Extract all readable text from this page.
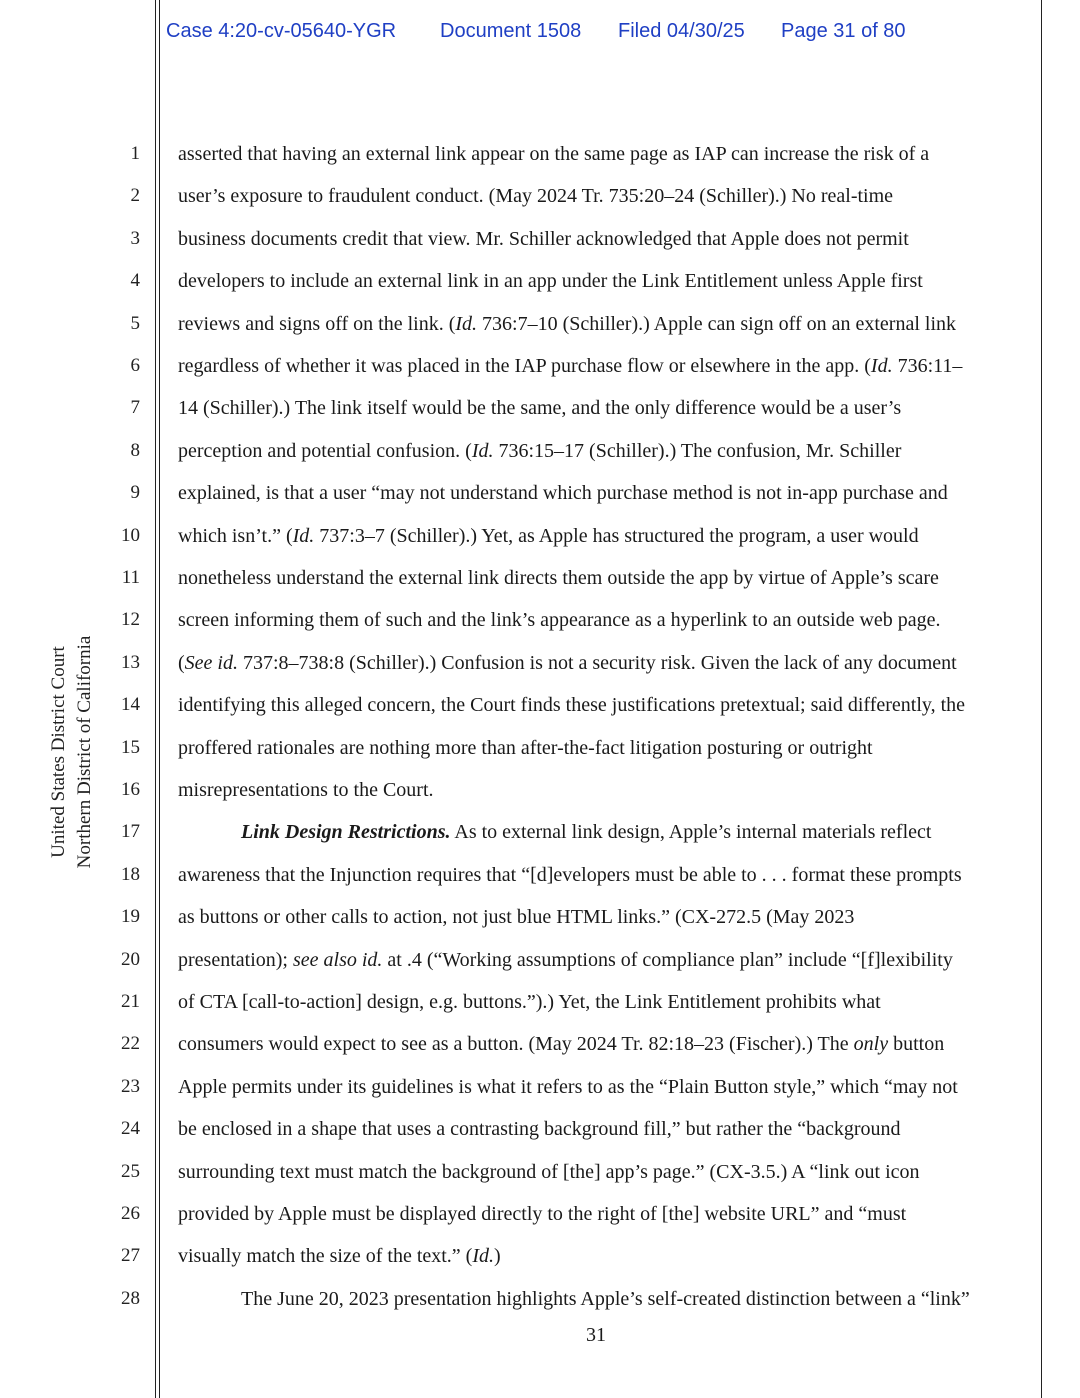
Case 4:20-cv-05640-YGR Document 1508 Filed 04/30/25 Page 31 of 80
United States District Court Northern District of California
1
2
3
4
5
6
7
8
9
10
11
12
13
14
15
16
17
18
19
20
21
22
23
24
25
26
27
28
asserted that having an external link appear on the same page as IAP can increase the risk of a
user’s exposure to fraudulent conduct. (May 2024 Tr. 735:20–24 (Schiller).) No real-time
business documents credit that view. Mr. Schiller acknowledged that Apple does not permit
developers to include an external link in an app under the Link Entitlement unless Apple first
reviews and signs off on the link. (Id. 736:7–10 (Schiller).) Apple can sign off on an external link
regardless of whether it was placed in the IAP purchase flow or elsewhere in the app. (Id. 736:11–
14 (Schiller).) The link itself would be the same, and the only difference would be a user’s
perception and potential confusion. (Id. 736:15–17 (Schiller).) The confusion, Mr. Schiller
explained, is that a user “may not understand which purchase method is not in-app purchase and
which isn’t.” (Id. 737:3–7 (Schiller).) Yet, as Apple has structured the program, a user would
nonetheless understand the external link directs them outside the app by virtue of Apple’s scare
screen informing them of such and the link’s appearance as a hyperlink to an outside web page.
(See id. 737:8–738:8 (Schiller).) Confusion is not a security risk. Given the lack of any document
identifying this alleged concern, the Court finds these justifications pretextual; said differently, the
proffered rationales are nothing more than after-the-fact litigation posturing or outright
misrepresentations to the Court.
Link Design Restrictions. As to external link design, Apple’s internal materials reflect
awareness that the Injunction requires that “[d]evelopers must be able to . . . format these prompts
as buttons or other calls to action, not just blue HTML links.” (CX-272.5 (May 2023
presentation); see also id. at .4 (“Working assumptions of compliance plan” include “[f]lexibility
of CTA [call-to-action] design, e.g. buttons.”).) Yet, the Link Entitlement prohibits what
consumers would expect to see as a button. (May 2024 Tr. 82:18–23 (Fischer).) The only button
Apple permits under its guidelines is what it refers to as the “Plain Button style,” which “may not
be enclosed in a shape that uses a contrasting background fill,” but rather the “background
surrounding text must match the background of [the] app’s page.” (CX-3.5.) A “link out icon
provided by Apple must be displayed directly to the right of [the] website URL” and “must
visually match the size of the text.” (Id.)
The June 20, 2023 presentation highlights Apple’s self-created distinction between a “link”
31
